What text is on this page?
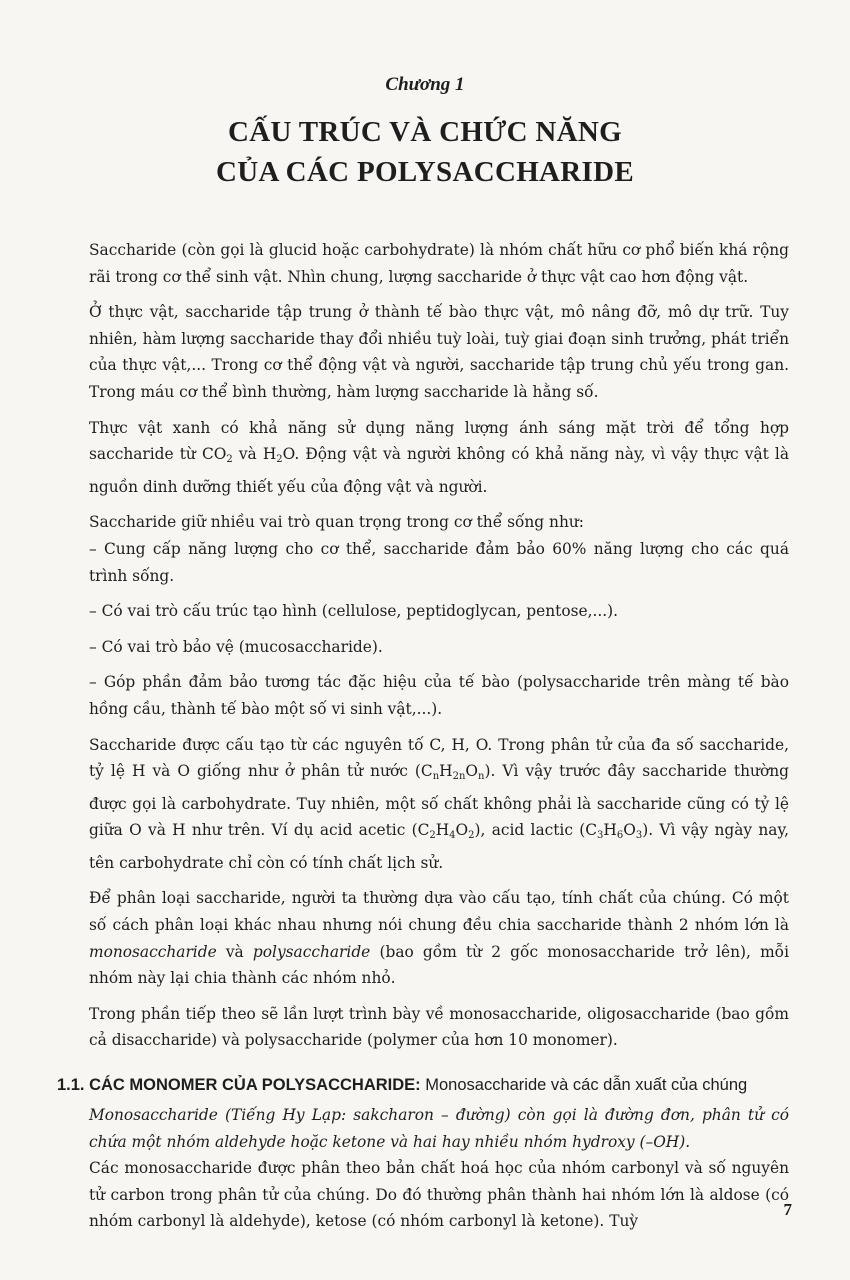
Chương 1
CẤU TRÚC VÀ CHỨC NĂNG
CỦA CÁC POLYSACCHARIDE

Saccharide (còn gọi là glucid hoặc carbohydrate) là nhóm chất hữu cơ phổ biến khá rộng rãi trong cơ thể sinh vật. Nhìn chung, lượng saccharide ở thực vật cao hơn động vật.

Ở thực vật, saccharide tập trung ở thành tế bào thực vật, mô nâng đỡ, mô dự trữ. Tuy nhiên, hàm lượng saccharide thay đổi nhiều tuỳ loài, tuỳ giai đoạn sinh trưởng, phát triển của thực vật,... Trong cơ thể động vật và người, saccharide tập trung chủ yếu trong gan. Trong máu cơ thể bình thường, hàm lượng saccharide là hằng số.

Thực vật xanh có khả năng sử dụng năng lượng ánh sáng mặt trời để tổng hợp saccharide từ $CO_2$ và $H_2O$. Động vật và người không có khả năng này, vì vậy thực vật là nguồn dinh dưỡng thiết yếu của động vật và người.

Saccharide giữ nhiều vai trò quan trọng trong cơ thể sống như:

– Cung cấp năng lượng cho cơ thể, saccharide đảm bảo 60% năng lượng cho các quá trình sống.

– Có vai trò cấu trúc tạo hình (cellulose, peptidoglycan, pentose,...).

– Có vai trò bảo vệ (mucosaccharide).

– Góp phần đảm bảo tương tác đặc hiệu của tế bào (polysaccharide trên màng tế bào hồng cầu, thành tế bào một số vi sinh vật,...).

Saccharide được cấu tạo từ các nguyên tố C, H, O. Trong phân tử của đa số saccharide, tỷ lệ H và O giống như ở phân tử nước $(C_nH_{2n}O_n)$. Vì vậy trước đây saccharide thường được gọi là carbohydrate. Tuy nhiên, một số chất không phải là saccharide cũng có tỷ lệ giữa O và H như trên. Ví dụ acid acetic $(C_2H_4O_2)$, acid lactic $(C_3H_6O_3)$. Vì vậy ngày nay, tên carbohydrate chỉ còn có tính chất lịch sử.

Để phân loại saccharide, người ta thường dựa vào cấu tạo, tính chất của chúng. Có một số cách phân loại khác nhau nhưng nói chung đều chia saccharide thành 2 nhóm lớn là monosaccharide và polysaccharide (bao gồm từ 2 gốc monosaccharide trở lên), mỗi nhóm này lại chia thành các nhóm nhỏ.

Trong phần tiếp theo sẽ lần lượt trình bày về monosaccharide, oligosaccharide (bao gồm cả disaccharide) và polysaccharide (polymer của hơn 10 monomer).

1.1. CÁC MONOMER CỦA POLYSACCHARIDE: Monosaccharide và các dẫn xuất của chúng

Monosaccharide (Tiếng Hy Lạp: sakcharon – đường) còn gọi là đường đơn, phân tử có chứa một nhóm aldehyde hoặc ketone và hai hay nhiều nhóm hydroxy (–OH).

Các monosaccharide được phân theo bản chất hoá học của nhóm carbonyl và số nguyên tử carbon trong phân tử của chúng. Do đó thường phân thành hai nhóm lớn là aldose (có nhóm carbonyl là aldehyde), ketose (có nhóm carbonyl là ketone). Tuỳ

7
